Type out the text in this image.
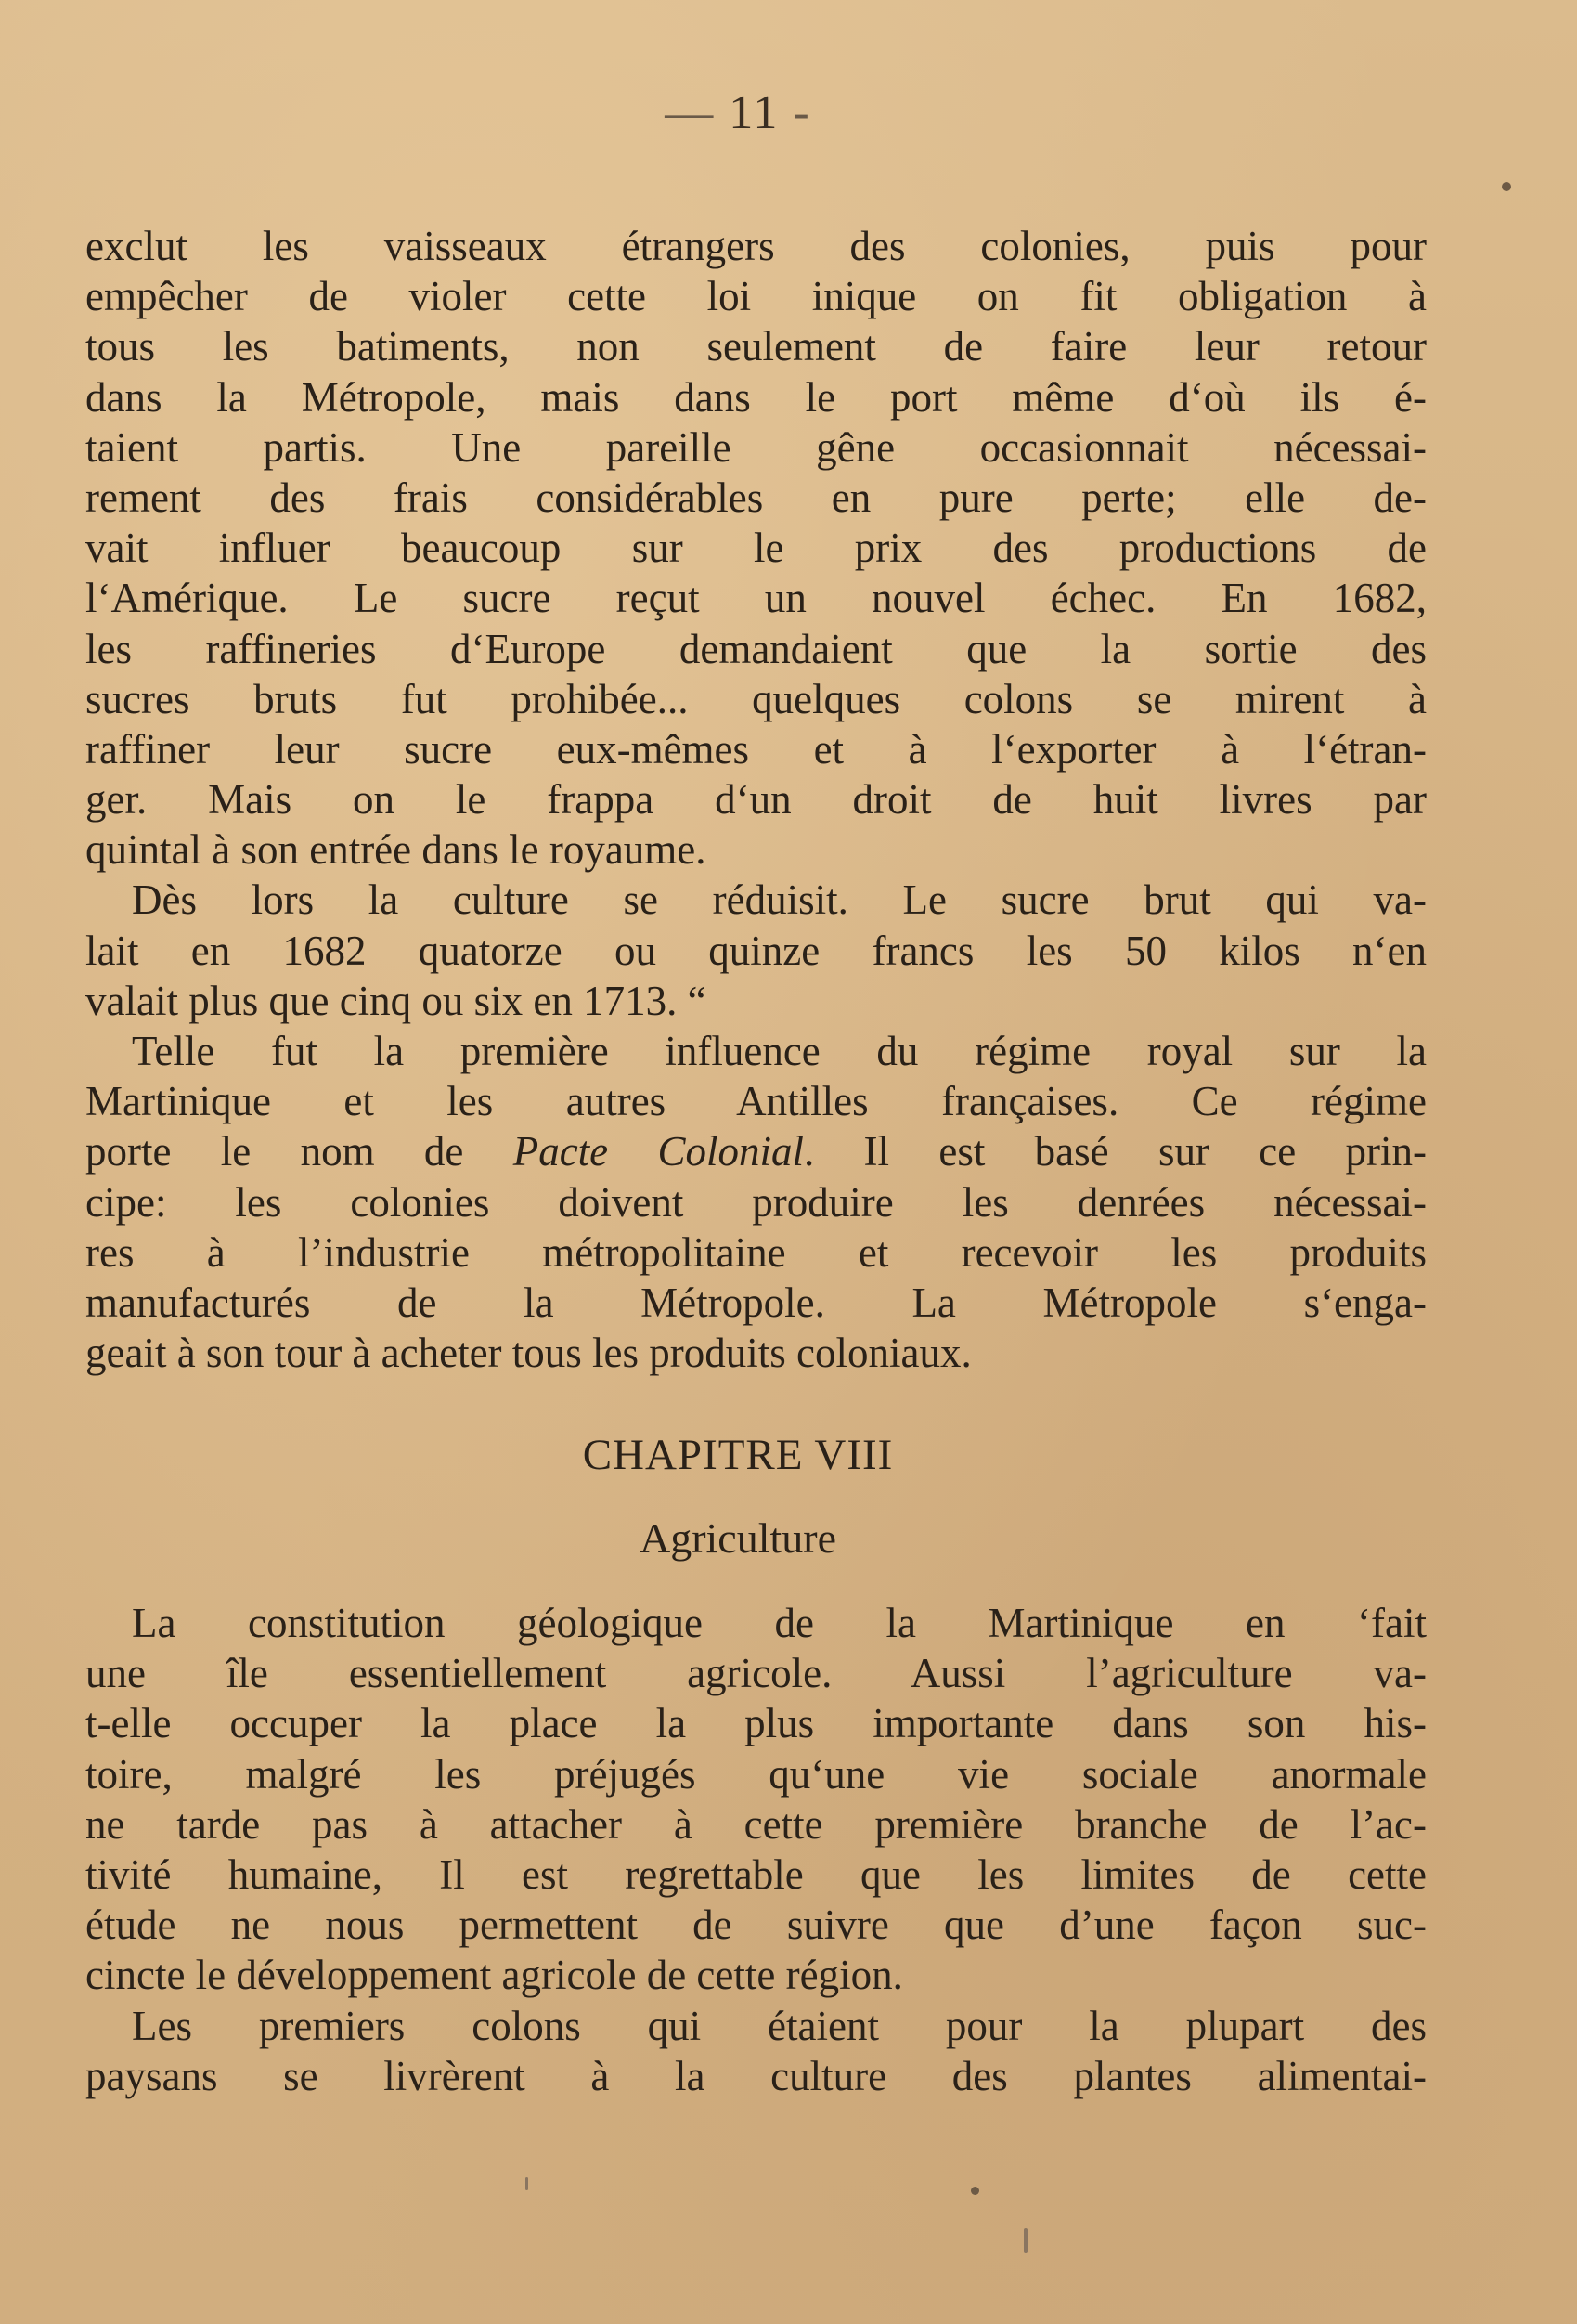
— 11 -
exclut les vaisseaux étrangers des colonies, puis pour
empêcher de violer cette loi inique on fit obligation à
tous les batiments, non seulement de faire leur retour
dans la Métropole, mais dans le port même d‘où ils é-
taient partis. Une pareille gêne occasionnait nécessai-
rement des frais considérables en pure perte; elle de-
vait influer beaucoup sur le prix des productions de
l‘Amérique. Le sucre reçut un nouvel échec. En 1682,
les raffineries d‘Europe demandaient que la sortie des
sucres bruts fut prohibée... quelques colons se mirent à
raffiner leur sucre eux-mêmes et à l‘exporter à l‘étran-
ger. Mais on le frappa d‘un droit de huit livres par
quintal à son entrée dans le royaume.
Dès lors la culture se réduisit. Le sucre brut qui va-
lait en 1682 quatorze ou quinze francs les 50 kilos n‘en
valait plus que cinq ou six en 1713. “
Telle fut la première influence du régime royal sur la
Martinique et les autres Antilles françaises. Ce régime
porte le nom de Pacte Colonial. Il est basé sur ce prin-
cipe: les colonies doivent produire les denrées nécessai-
res à l’industrie métropolitaine et recevoir les produits
manufacturés de la Métropole. La Métropole s‘enga-
geait à son tour à acheter tous les produits coloniaux.
CHAPITRE VIII
Agriculture
La constitution géologique de la Martinique en ‘fait
une île essentiellement agricole. Aussi l’agriculture va-
t-elle occuper la place la plus importante dans son his-
toire, malgré les préjugés qu‘une vie sociale anormale
ne tarde pas à attacher à cette première branche de l’ac-
tivité humaine, Il est regrettable que les limites de cette
étude ne nous permettent de suivre que d’une façon suc-
cincte le développement agricole de cette région.
Les premiers colons qui étaient pour la plupart des
paysans se livrèrent à la culture des plantes alimentai-
